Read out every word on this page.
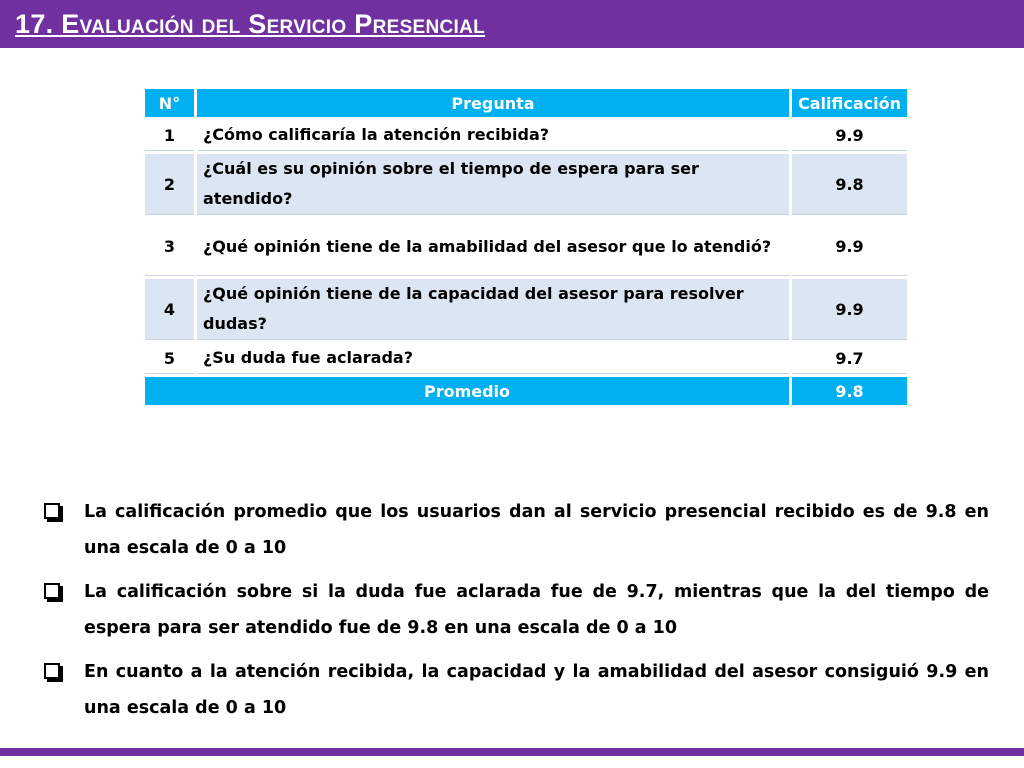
17. Evaluación del Servicio Presencial
N°	Pregunta	Calificación
1	¿Cómo calificaría la atención recibida?	9.9
2	¿Cuál es su opinión sobre el tiempo de espera para ser atendido?	9.8
3	¿Qué opinión tiene de la amabilidad del asesor que lo atendió?	9.9
4	¿Qué opinión tiene de la capacidad del asesor para resolver dudas?	9.9
5	¿Su duda fue aclarada?	9.7
Promedio		9.8
La calificación promedio que los usuarios dan al servicio presencial recibido es de 9.8 en una escala de 0 a 10
La calificación sobre si la duda fue aclarada fue de 9.7, mientras que la del tiempo de espera para ser atendido fue de 9.8 en una escala de 0 a 10
En cuanto a la atención recibida, la capacidad y la amabilidad del asesor consiguió 9.9 en una escala de 0 a 10
